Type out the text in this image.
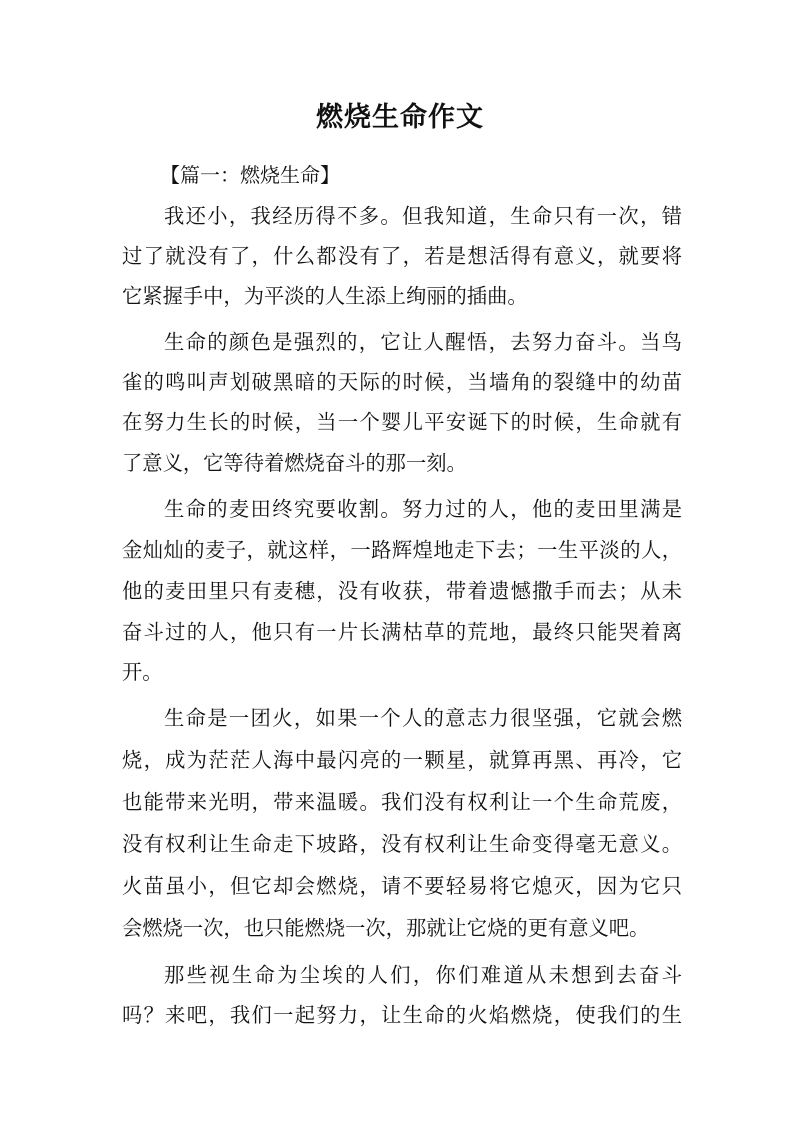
燃烧生命作文
【篇一：燃烧生命】
我还小，我经历得不多。但我知道，生命只有一次，错
过了就没有了，什么都没有了，若是想活得有意义，就要将
它紧握手中，为平淡的人生添上绚丽的插曲。
生命的颜色是强烈的，它让人醒悟，去努力奋斗。当鸟
雀的鸣叫声划破黑暗的天际的时候，当墙角的裂缝中的幼苗
在努力生长的时候，当一个婴儿平安诞下的时候，生命就有
了意义，它等待着燃烧奋斗的那一刻。
生命的麦田终究要收割。努力过的人，他的麦田里满是
金灿灿的麦子，就这样，一路辉煌地走下去；一生平淡的人，
他的麦田里只有麦穗，没有收获，带着遗憾撒手而去；从未
奋斗过的人，他只有一片长满枯草的荒地，最终只能哭着离
开。
生命是一团火，如果一个人的意志力很坚强，它就会燃
烧，成为茫茫人海中最闪亮的一颗星，就算再黑、再冷，它
也能带来光明，带来温暖。我们没有权利让一个生命荒废，
没有权利让生命走下坡路，没有权利让生命变得毫无意义。
火苗虽小，但它却会燃烧，请不要轻易将它熄灭，因为它只
会燃烧一次，也只能燃烧一次，那就让它烧的更有意义吧。
那些视生命为尘埃的人们，你们难道从未想到去奋斗
吗？来吧，我们一起努力，让生命的火焰燃烧，使我们的生
